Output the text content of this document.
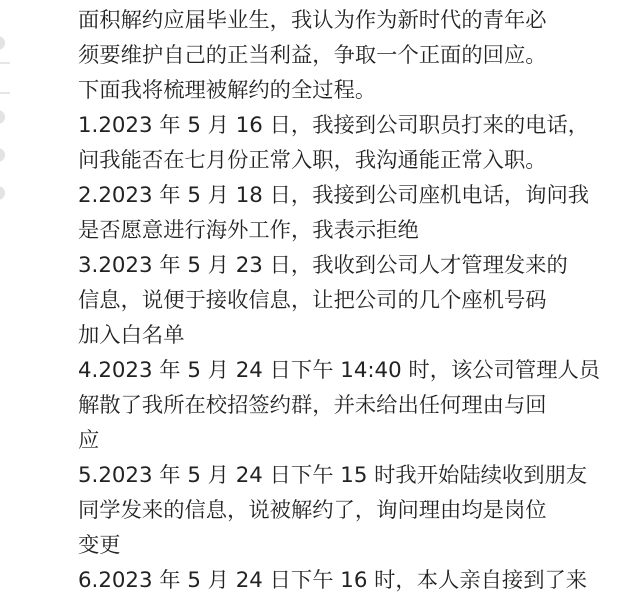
面积解约应届毕业生，我认为作为新时代的青年必
须要维护自己的正当利益，争取一个正面的回应。
下面我将梳理被解约的全过程。
1.2023 年 5 月 16 日，我接到公司职员打来的电话，
问我能否在七月份正常入职，我沟通能正常入职。
2.2023 年 5 月 18 日，我接到公司座机电话，询问我
是否愿意进行海外工作，我表示拒绝
3.2023 年 5 月 23 日，我收到公司人才管理发来的
信息，说便于接收信息，让把公司的几个座机号码
加入白名单
4.2023 年 5 月 24 日下午 14:40 时，该公司管理人员
解散了我所在校招签约群，并未给出任何理由与回
应
5.2023 年 5 月 24 日下午 15 时我开始陆续收到朋友
同学发来的信息，说被解约了，询问理由均是岗位
变更
6.2023 年 5 月 24 日下午 16 时，本人亲自接到了来
